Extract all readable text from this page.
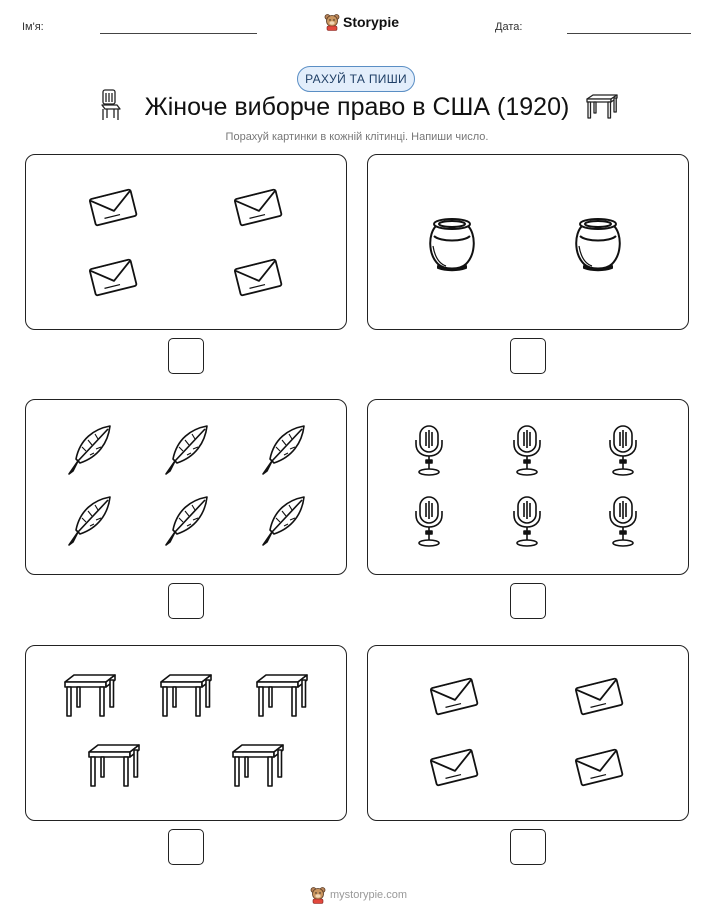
Ім'я:	Storypie	Дата:
РАХУЙ ТА ПИШИ
Жіноче виборче право в США (1920)
Порахуй картинки в кожній клітинці. Напиши число.
mystorypie.com
